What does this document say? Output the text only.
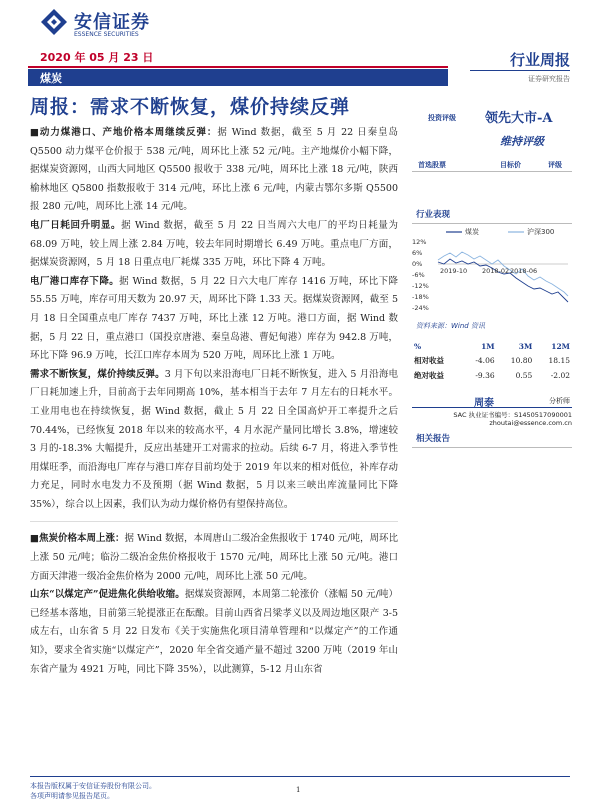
安信证券
ESSENCE SECURITIES
2020 年 05 月 23 日
煤炭
行业周报
证券研究报告
周报：需求不断恢复，煤价持续反弹

■动力煤港口、产地价格本周继续反弹：据 Wind 数据，截至 5 月 22 日秦皇岛 Q5500 动力煤平仓价报于 538 元/吨，周环比上涨 52 元/吨。主产地煤价小幅下降，据煤炭资源网，山西大同地区 Q5500 报收于 338 元/吨，周环比上涨 18 元/吨，陕西榆林地区 Q5800 指数报收于 314 元/吨，环比上涨 6 元/吨，内蒙古鄂尔多斯 Q5500 报 280 元/吨，周环比上涨 14 元/吨。

电厂日耗回升明显。据 Wind 数据，截至 5 月 22 日当周六大电厂的平均日耗量为 68.09 万吨，较上周上涨 2.84 万吨，较去年同时期增长 6.49 万吨。重点电厂方面，据煤炭资源网，5 月 18 日重点电厂耗煤 335 万吨，环比下降 4 万吨。

电厂港口库存下降。据 Wind 数据，5 月 22 日六大电厂库存 1416 万吨，环比下降 55.55 万吨，库存可用天数为 20.97 天，周环比下降 1.33 天。据煤炭资源网，截至 5 月 18 日全国重点电厂库存 7437 万吨，环比上涨 12 万吨。港口方面，据 Wind 数据，5 月 22 日，重点港口（国投京唐港、秦皇岛港、曹妃甸港）库存为 942.8 万吨，环比下降 96.9 万吨，长江口库存本周为 520 万吨，周环比上涨 1 万吨。

需求不断恢复，煤价持续反弹。3 月下旬以来沿海电厂日耗不断恢复，进入 5 月沿海电厂日耗加速上升，目前高于去年同期高 10%，基本相当于去年 7 月左右的日耗水平。工业用电也在持续恢复，据 Wind 数据，截止 5 月 22 日全国高炉开工率提升之后 70.44%，已经恢复 2018 年以来的较高水平，4 月水泥产量同比增长 3.8%，增速较 3 月的-18.3% 大幅提升，反应出基建开工对需求的拉动。后续 6-7 月，将进入季节性用煤旺季，而沿海电厂库存与港口库存目前均处于 2019 年以来的相对低位，补库存动力充足，同时水电发力不及预期（据 Wind 数据，5 月以来三峡出库流量同比下降 35%），综合以上因素，我们认为动力煤价格仍有望保持高位。

■焦炭价格本周上涨：据 Wind 数据，本周唐山二级冶金焦报收于 1740 元/吨，周环比上涨 50 元/吨；临汾二级冶金焦价格报收于 1570 元/吨，周环比上涨 50 元/吨。港口方面天津港一级冶金焦价格为 2000 元/吨，周环比上涨 50 元/吨。

山东“以煤定产”促进焦化供给收缩。据煤炭资源网，本周第二轮涨价（涨幅 50 元/吨）已经基本落地，目前第三轮提涨正在酝酿。目前山西省吕梁孝义以及周边地区限产 3-5 成左右，山东省 5 月 22 日发布《关于实施焦化项目清单管理和“以煤定产”的工作通知》，要求全省实施“以煤定产”，2020 年全省交通产量不超过 3200 万吨（2019 年山东省产量为 4921 万吨，同比下降 35%），以此测算，5-12 月山东省

投资评级 领先大市-A
维持评级
首选股票	目标价	评级
行业表现
煤炭	沪深300
12%
6%
0%
-6%
-12%
-18%
-24%
2019-10 2018-02 2018-06
资料来源：Wind 资讯
%	1M	3M	12M
相对收益	-4.06	10.80	18.15
绝对收益	-9.36	0.55	-2.02
周泰	分析师
SAC 执业证书编号：S1450517090001
zhoutai@essence.com.cn
相关报告
本报告版权属于安信证券股份有限公司。
各项声明请参见报告尾页。
1
